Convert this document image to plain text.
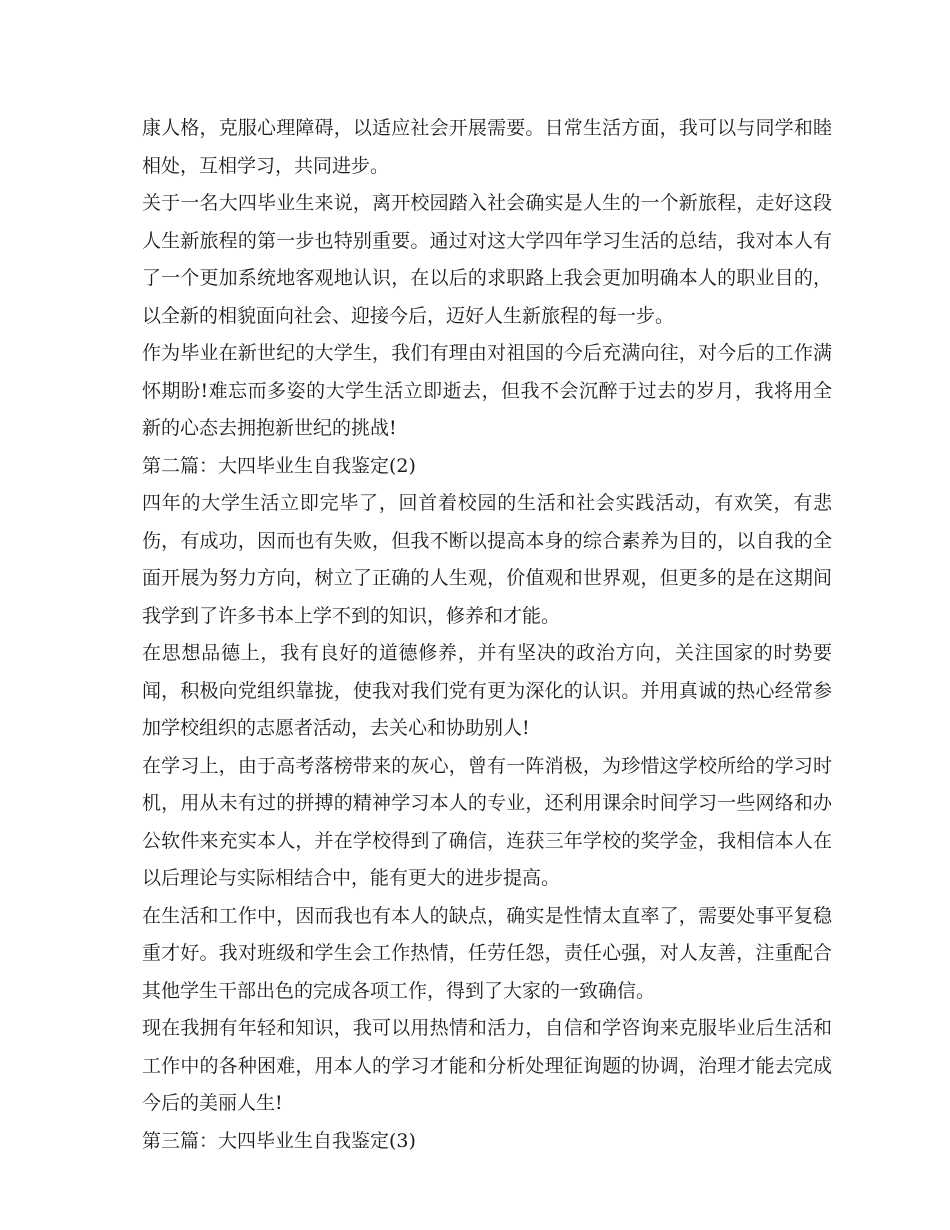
康人格，克服心理障碍，以适应社会开展需要。日常生活方面，我可以与同学和睦相处，互相学习，共同进步。

关于一名大四毕业生来说，离开校园踏入社会确实是人生的一个新旅程，走好这段人生新旅程的第一步也特别重要。通过对这大学四年学习生活的总结，我对本人有了一个更加系统地客观地认识，在以后的求职路上我会更加明确本人的职业目的，以全新的相貌面向社会、迎接今后，迈好人生新旅程的每一步。

作为毕业在新世纪的大学生，我们有理由对祖国的今后充满向往，对今后的工作满怀期盼!难忘而多姿的大学生活立即逝去，但我不会沉醉于过去的岁月，我将用全新的心态去拥抱新世纪的挑战!

第二篇：大四毕业生自我鉴定(2)

四年的大学生活立即完毕了，回首着校园的生活和社会实践活动，有欢笑，有悲伤，有成功，因而也有失败，但我不断以提高本身的综合素养为目的，以自我的全面开展为努力方向，树立了正确的人生观，价值观和世界观，但更多的是在这期间我学到了许多书本上学不到的知识，修养和才能。

在思想品德上，我有良好的道德修养，并有坚决的政治方向，关注国家的时势要闻，积极向党组织靠拢，使我对我们党有更为深化的认识。并用真诚的热心经常参加学校组织的志愿者活动，去关心和协助别人!

在学习上，由于高考落榜带来的灰心，曾有一阵消极，为珍惜这学校所给的学习时机，用从未有过的拼搏的精神学习本人的专业，还利用课余时间学习一些网络和办公软件来充实本人，并在学校得到了确信，连获三年学校的奖学金，我相信本人在以后理论与实际相结合中，能有更大的进步提高。

在生活和工作中，因而我也有本人的缺点，确实是性情太直率了，需要处事平复稳重才好。我对班级和学生会工作热情，任劳任怨，责任心强，对人友善，注重配合其他学生干部出色的完成各项工作，得到了大家的一致确信。

现在我拥有年轻和知识，我可以用热情和活力，自信和学咨询来克服毕业后生活和工作中的各种困难，用本人的学习才能和分析处理征询题的协调，治理才能去完成今后的美丽人生!

第三篇：大四毕业生自我鉴定(3)
